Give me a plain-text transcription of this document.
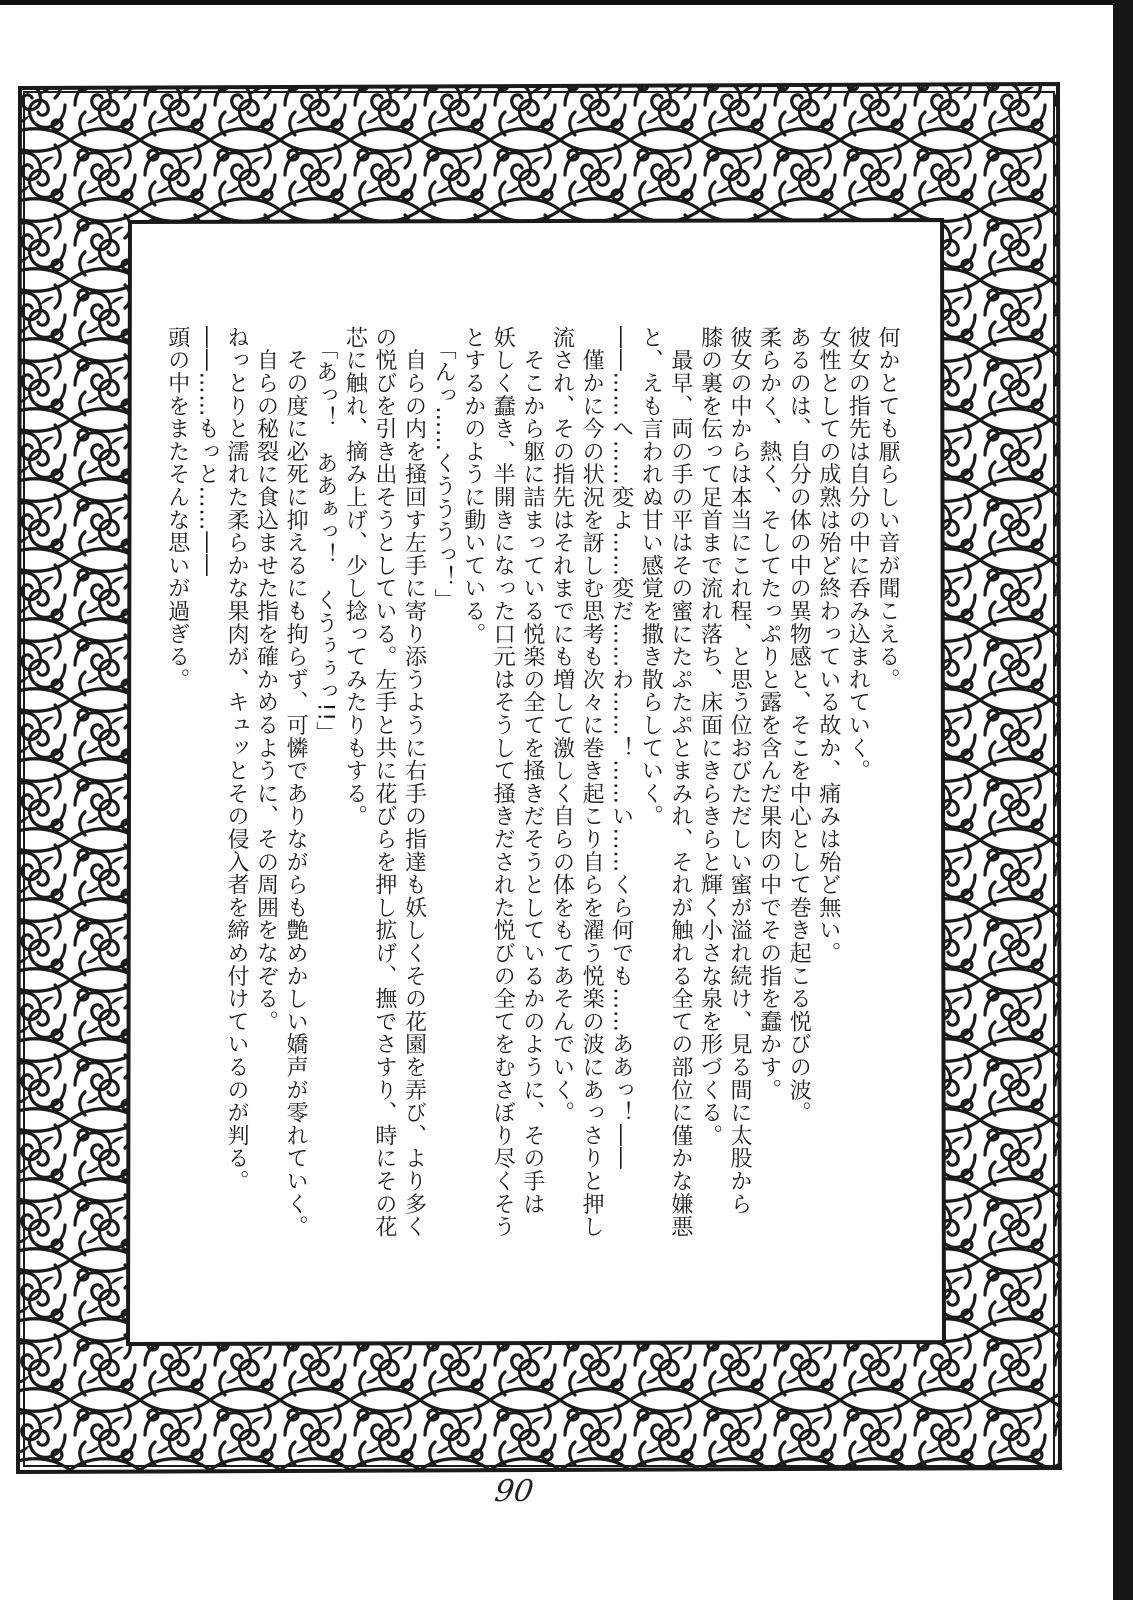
何かとても厭らしい音が聞こえる。

彼女の指先は自分の中に呑み込まれていく。

女性としての成熟は殆ど終わっている故か、痛みは殆ど無い。

あるのは、自分の体の中の異物感と、そこを中心として巻き起こる悦びの波。

柔らかく、熱く、そしてたっぷりと露を含んだ果肉の中でその指を蠢かす。

彼女の中からは本当にこれ程、と思う位おびただしい蜜が溢れ続け、見る間に太股から

膝の裏を伝って足首まで流れ落ち、床面にきらきらと輝く小さな泉を形づくる。

　最早、両の手の平はその蜜にたぷたぷとまみれ、それが触れる全ての部位に僅かな嫌悪

と、えも言われぬ甘い感覚を撒き散らしていく。

――……へ……変よ……変だ……わ……！……い……くら何でも……ああっ！――

　僅かに今の状況を訝しむ思考も次々に巻き起こり自らを濯う悦楽の波にあっさりと押し

流され、その指先はそれまでにも増して激しく自らの体をもてあそんでいく。

　そこから躯に詰まっている悦楽の全てを掻きだそうとしているかのように、その手は

妖しく蠢き、半開きになった口元はそうして掻きだされた悦びの全てをむさぼり尽くそう

とするかのように動いている。

　「んっ……くうううっ！」

　自らの内を掻回す左手に寄り添うように右手の指達も妖しくその花園を弄び、より多く

の悦びを引き出そうとしている。左手と共に花びらを押し拡げ、撫でさすり、時にその花

芯に触れ、摘み上げ、少し捻ってみたりもする。

　「あっ！　ああぁっ！　くうぅぅっ!!」

　その度に必死に抑えるにも拘らず、可憐でありながらも艶めかしい嬌声が零れていく。

　自らの秘裂に食込ませた指を確かめるように、その周囲をなぞる。

ねっとりと濡れた柔らかな果肉が、キュッとその侵入者を締め付けているのが判る。

――……もっと……――

頭の中をまたそんな思いが過ぎる。

90
